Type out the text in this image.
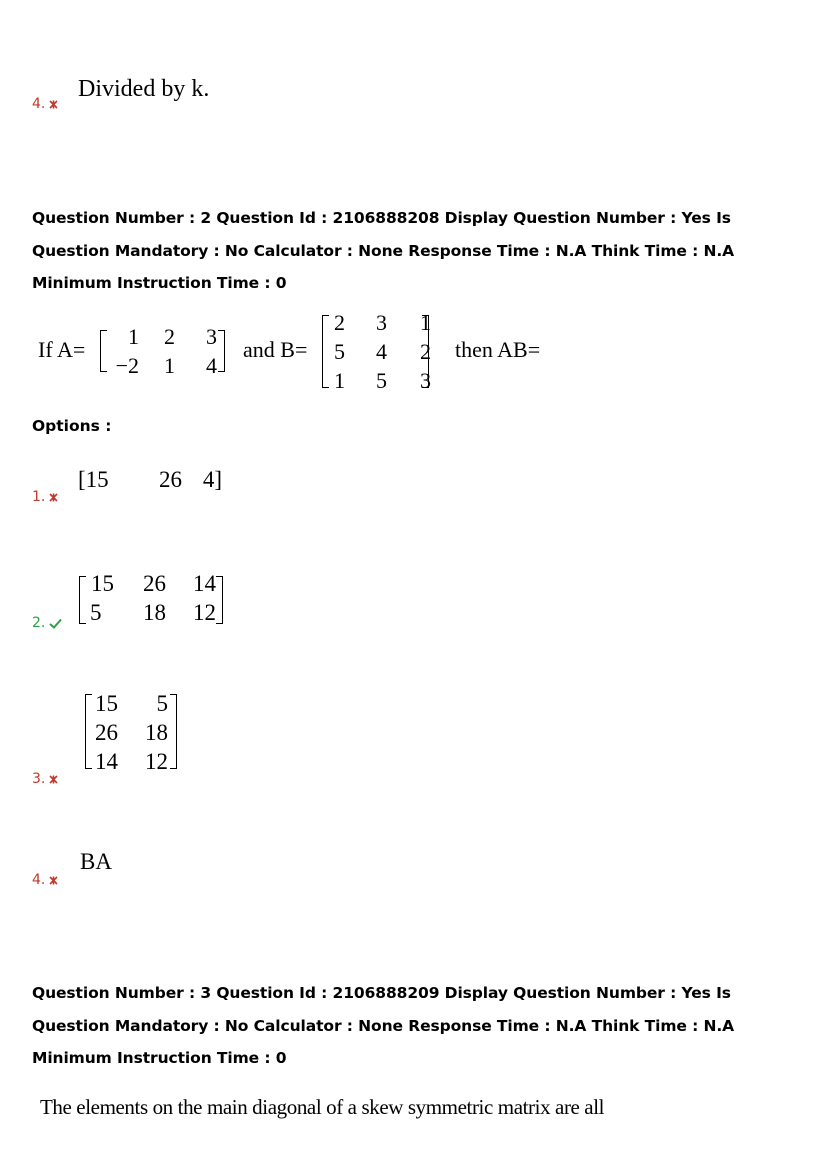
4.
Divided by k.
Question Number : 2 Question Id : 2106888208 Display Question Number : Yes Is Question Mandatory : No Calculator : None Response Time : N.A Think Time : N.A Minimum Instruction Time : 0
If A=
1	2	3
−2	1	4
and B=
2	3	1
5	4	2
1	5	3
then AB=
Options :
1.
[15	26 4]
2.
15	26	14
5	18	12
3.
15	5
26	18
14	12
4.
BA
Question Number : 3 Question Id : 2106888209 Display Question Number : Yes Is Question Mandatory : No Calculator : None Response Time : N.A Think Time : N.A Minimum Instruction Time : 0
The elements on the main diagonal of a skew symmetric matrix are all
